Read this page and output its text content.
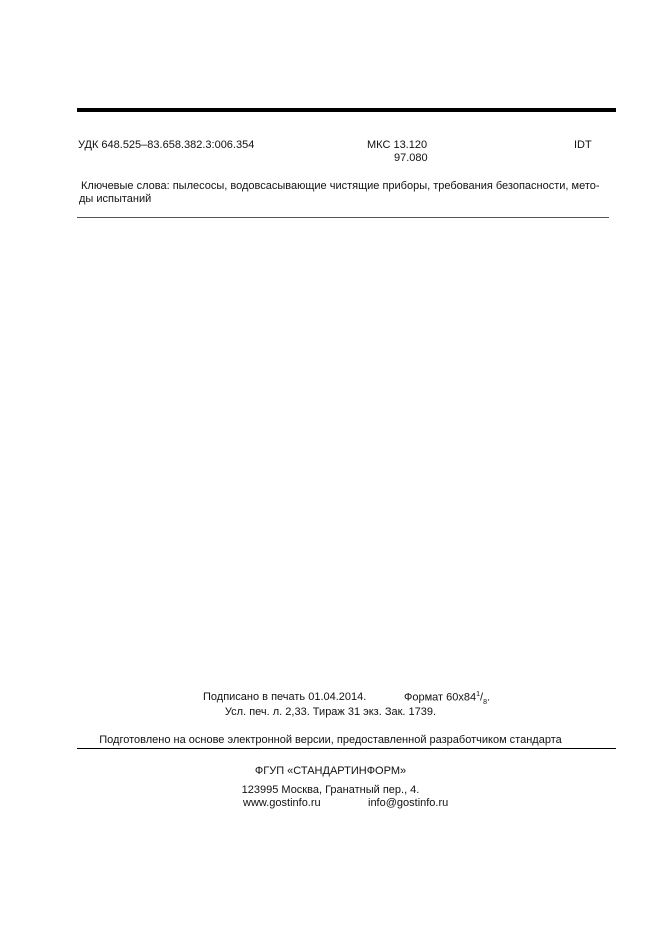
УДК 648.525–83.658.382.3:006.354	МКС 13.120
97.080
IDT
Ключевые слова: пылесосы, водовсасывающие чистящие приборы, требования безопасности, мето-
ды испытаний
Подписано в печать 01.04.2014.	Формат $60x84^1/_8$.
Усл. печ. л. 2,33. Тираж 31 экз. Зак. 1739.
Подготовлено на основе электронной версии, предоставленной разработчиком стандарта
ФГУП «СТАНДАРТИНФОРМ»
123995 Москва, Гранатный пер., 4.
www.gostinfo.ru	info@gostinfo.ru
